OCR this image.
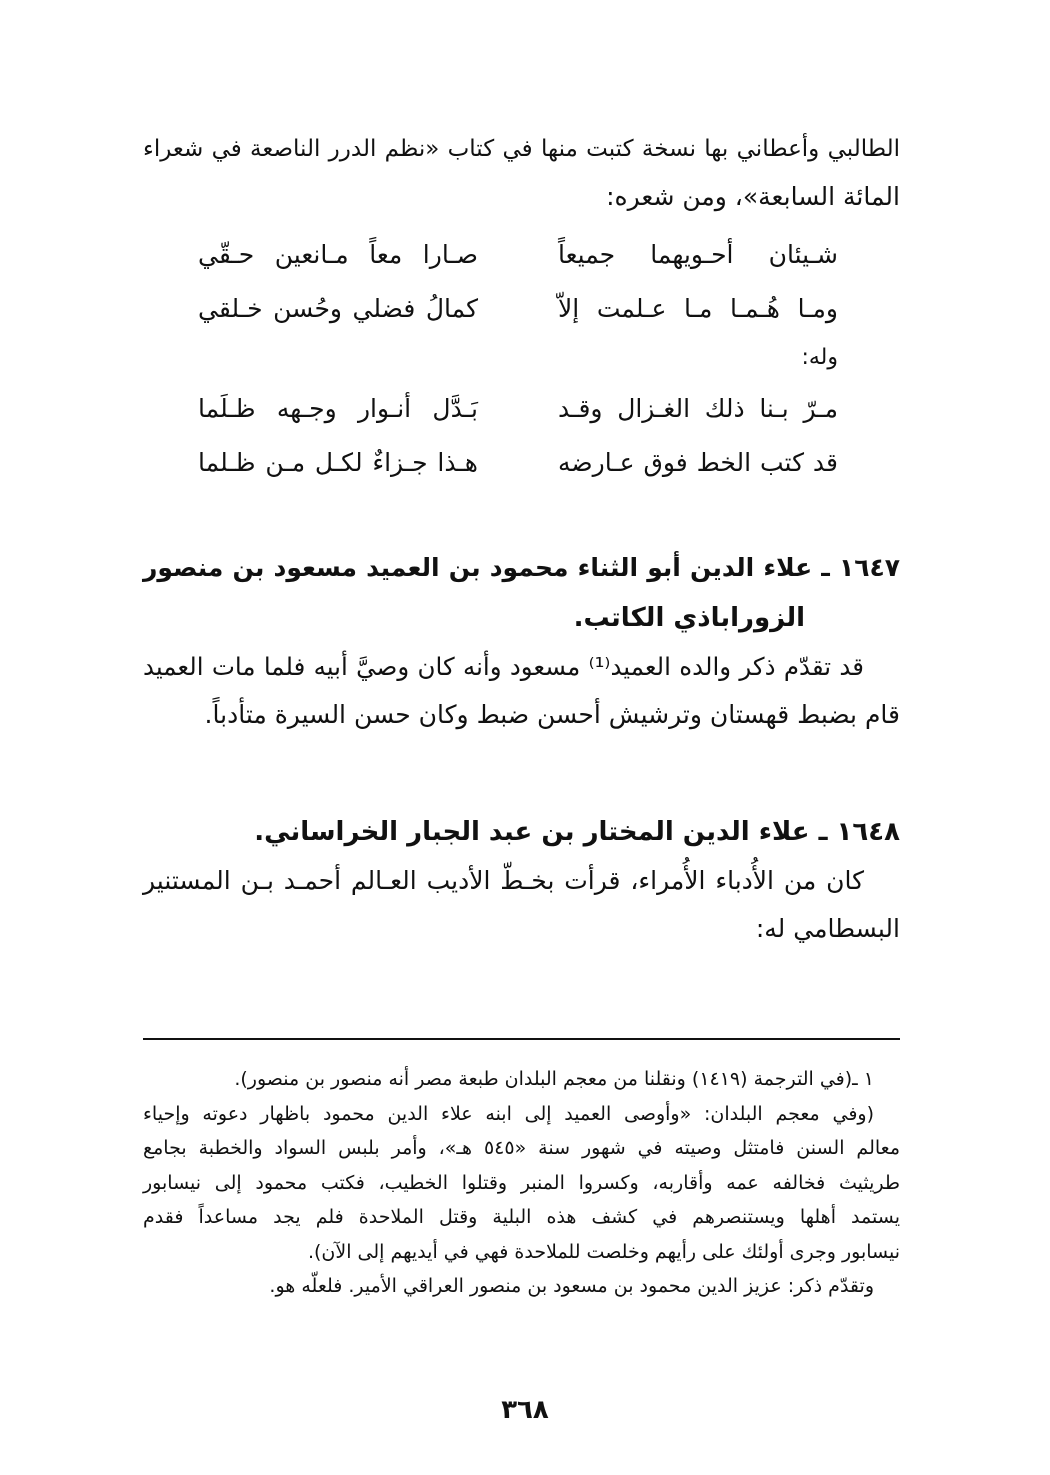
الطالبي وأعطاني بها نسخة كتبت منها في كتاب «نظم الدرر الناصعة في شعراء
المائة السابعة»، ومن شعره:
شـيئان أحـويهما جميعاً
صـارا معاً مـانعين حـقّي
ومـا هُـمـا مـا عـلمت إلاّ
كمالُ فضلي وحُسن خـلقي
وله:
مـرّ بـنا ذلك الغـزال وقـد
بَـدَّل أنـوار وجـهه ظـلَما
قد كتب الخط فوق عـارضه
هـذا جـزاءٌ لكـل مـن ظـلما
١٦٤٧ ـ علاء الدين أبو الثناء محمود بن العميد مسعود بن منصور
الزوراباذي الكاتب.
قد تقدّم ذكر والده العميد⁽¹⁾ مسعود وأنه كان وصيَّ أبيه فلما مات العميد
قام بضبط قهستان وترشيش أحسن ضبط وكان حسن السيرة متأدباً.
١٦٤٨ ـ علاء الدين المختار بن عبد الجبار الخراساني.
كان من الأُدباء الأُمراء، قرأت بخـطّ الأديب العـالم أحمـد بـن المستنير
البسطامي له:
١ ـ(في الترجمة (١٤١٩) ونقلنا من معجم البلدان طبعة مصر أنه منصور بن منصور).
(وفي معجم البلدان: «وأوصى العميد إلى ابنه علاء الدين محمود باظهار دعوته وإحياء
معالم السنن فامتثل وصيته في شهور سنة «٥٤٥ هـ»، وأمر بلبس السواد والخطبة بجامع
طريثيث فخالفه عمه وأقاربه، وكسروا المنبر وقتلوا الخطيب، فكتب محمود إلى نيسابور
يستمد أهلها ويستنصرهم في كشف هذه البلية وقتل الملاحدة فلم يجد مساعداً فقدم
نيسابور وجرى أولئك على رأيهم وخلصت للملاحدة فهي في أيديهم إلى الآن).
وتقدّم ذكر: عزيز الدين محمود بن مسعود بن منصور العراقي الأمير. فلعلّه هو.
٣٦٨
